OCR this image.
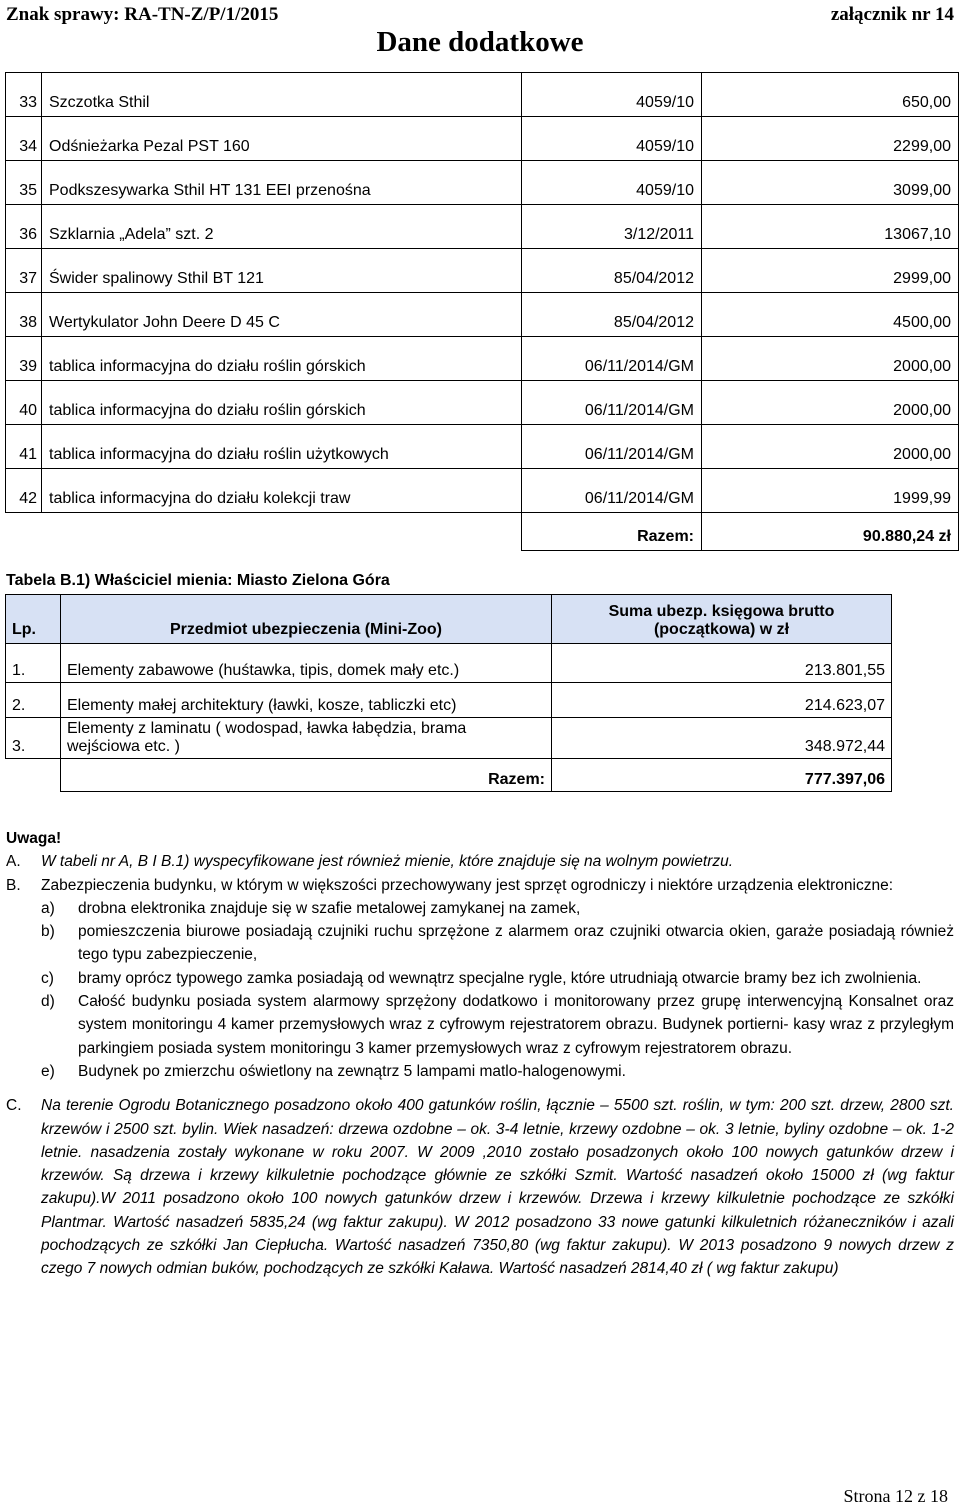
Znak sprawy: RA-TN-Z/P/1/2015	załącznik nr 14
Dane dodatkowe
33	Szczotka Sthil	4059/10	650,00
34	Odśnieżarka Pezal PST 160	4059/10	2299,00
35	Podkszesywarka Sthil HT 131 EEI przenośna	4059/10	3099,00
36	Szklarnia „Adela” szt. 2	3/12/2011	13067,10
37	Świder spalinowy Sthil BT 121	85/04/2012	2999,00
38	Wertykulator John Deere D 45 C	85/04/2012	4500,00
39	tablica informacyjna do działu roślin górskich	06/11/2014/GM	2000,00
40	tablica informacyjna do działu roślin górskich	06/11/2014/GM	2000,00
41	tablica informacyjna do działu roślin użytkowych	06/11/2014/GM	2000,00
42	tablica informacyjna do działu kolekcji traw	06/11/2014/GM	1999,99
		Razem:	90.880,24 zł
Tabela B.1) Właściciel mienia: Miasto Zielona Góra
Lp.	Przedmiot ubezpieczenia (Mini-Zoo)	Suma ubezp. księgowa brutto
(początkowa) w zł

1.	Elementy zabawowe (huśtawka, tipis, domek mały etc.)	213.801,55
2.	Elementy małej architektury (ławki, kosze, tabliczki etc)	214.623,07
3.	Elementy z laminatu ( wodospad, ławka łabędzia, brama
wejściowa etc. )	348.972,44
	Razem:	777.397,06
Uwaga!
A.	W tabeli nr A, B I B.1) wyspecyfikowane jest również mienie, które znajduje się na wolnym powietrzu.
B.	Zabezpieczenia budynku, w którym w większości przechowywany jest sprzęt ogrodniczy i niektóre urządzenia elektroniczne:
a)	drobna elektronika znajduje się w szafie metalowej zamykanej na zamek,
b)	pomieszczenia biurowe posiadają czujniki ruchu sprzężone z alarmem oraz czujniki otwarcia okien, garaże posiadają również tego typu zabezpieczenie,
c)	bramy oprócz typowego zamka posiadają od wewnątrz specjalne rygle, które utrudniają otwarcie bramy bez ich zwolnienia.
d)	Całość budynku posiada system alarmowy sprzężony dodatkowo i monitorowany przez grupę interwencyjną Konsalnet oraz system monitoringu 4 kamer przemysłowych wraz z cyfrowym rejestratorem obrazu. Budynek portierni- kasy wraz z przyległym parkingiem posiada system monitoringu 3 kamer przemysłowych wraz z cyfrowym rejestratorem obrazu.
e)	Budynek po zmierzchu oświetlony na zewnątrz 5 lampami matlo-halogenowymi.
C.	Na terenie Ogrodu Botanicznego posadzono około 400 gatunków roślin, łącznie – 5500 szt. roślin, w tym: 200 szt. drzew, 2800 szt. krzewów i 2500 szt. bylin. Wiek nasadzeń: drzewa ozdobne – ok. 3-4 letnie, krzewy ozdobne – ok. 3 letnie, byliny ozdobne – ok. 1-2 letnie. nasadzenia zostały wykonane w roku 2007. W 2009 ,2010 zostało posadzonych około 100 nowych gatunków drzew i krzewów. Są drzewa i krzewy kilkuletnie pochodzące głównie ze szkółki Szmit. Wartość nasadzeń około 15000 zł (wg faktur zakupu).W 2011 posadzono około 100 nowych gatunków drzew i krzewów. Drzewa i krzewy kilkuletnie pochodzące ze szkółki Plantmar. Wartość nasadzeń 5835,24 (wg faktur zakupu). W 2012 posadzono 33 nowe gatunki kilkuletnich różaneczników i azali pochodzących ze szkółki Jan Ciepłucha. Wartość nasadzeń 7350,80 (wg faktur zakupu). W 2013 posadzono 9 nowych drzew z czego 7 nowych odmian buków, pochodzących ze szkółki Kaława. Wartość nasadzeń 2814,40 zł ( wg faktur zakupu)
Strona 12 z 18
